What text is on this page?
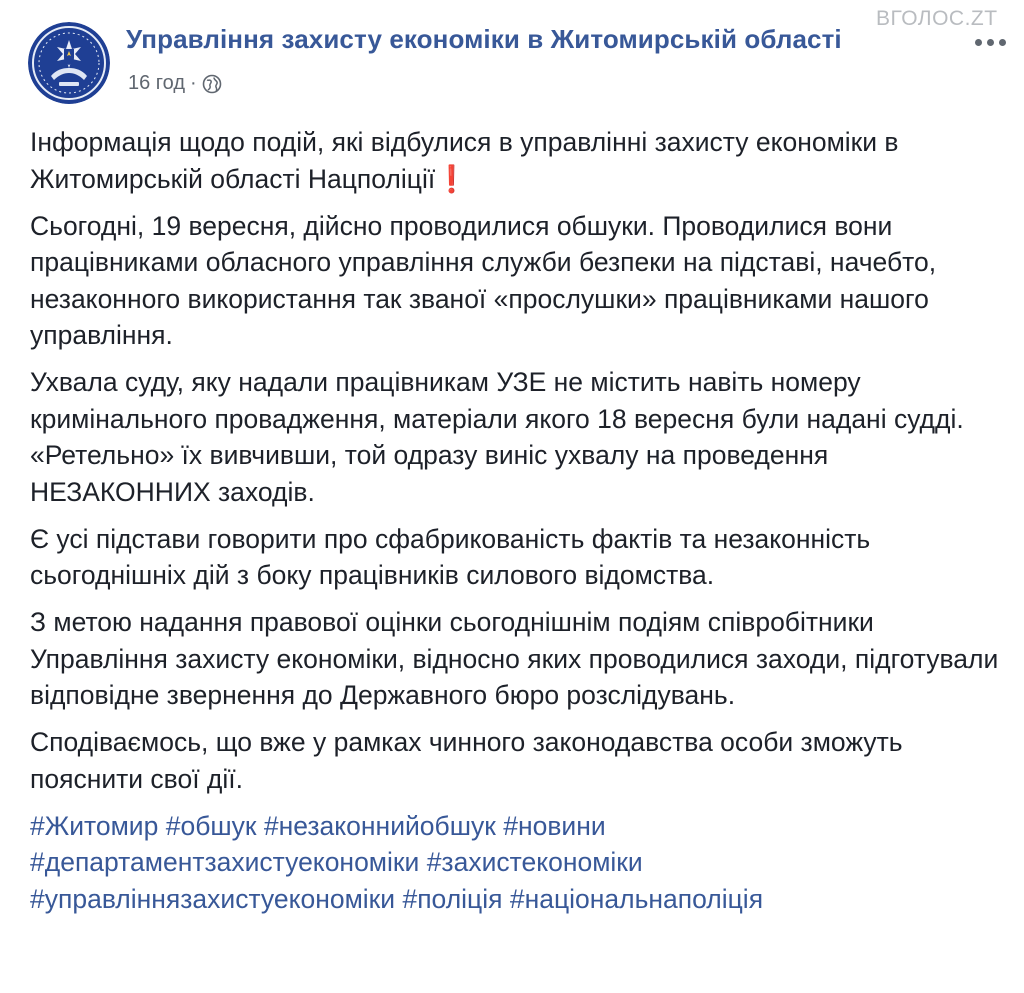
ВГОЛОС.ZT
Управління захисту економіки в Житомирській області
16 год ·

Інформація щодо подій, які відбулися в управлінні захисту економіки в Житомирській області Нацполіції❗

Сьогодні, 19 вересня, дійсно проводилися обшуки. Проводилися вони працівниками обласного управління служби безпеки на підставі, начебто, незаконного використання так званої «прослушки» працівниками нашого управління.

Ухвала суду, яку надали працівникам УЗЕ не містить навіть номеру кримінального провадження, матеріали якого 18 вересня були надані судді. «Ретельно» їх вивчивши, той одразу виніс ухвалу на проведення НЕЗАКОННИХ заходів.

Є усі підстави говорити про сфабрикованість фактів та незаконність сьогоднішніх дій з боку працівників силового відомства.

З метою надання правової оцінки сьогоднішнім подіям співробітники Управління захисту економіки, відносно яких проводилися заходи, підготували відповідне звернення до Державного бюро розслідувань.

Сподіваємось, що вже у рамках чинного законодавства особи зможуть пояснити свої дії.

#Житомир #обшук #незаконнийобшук #новини
#департаментзахистуекономіки #захистекономіки
#управліннязахистуекономіки #поліція #національнаполіція
